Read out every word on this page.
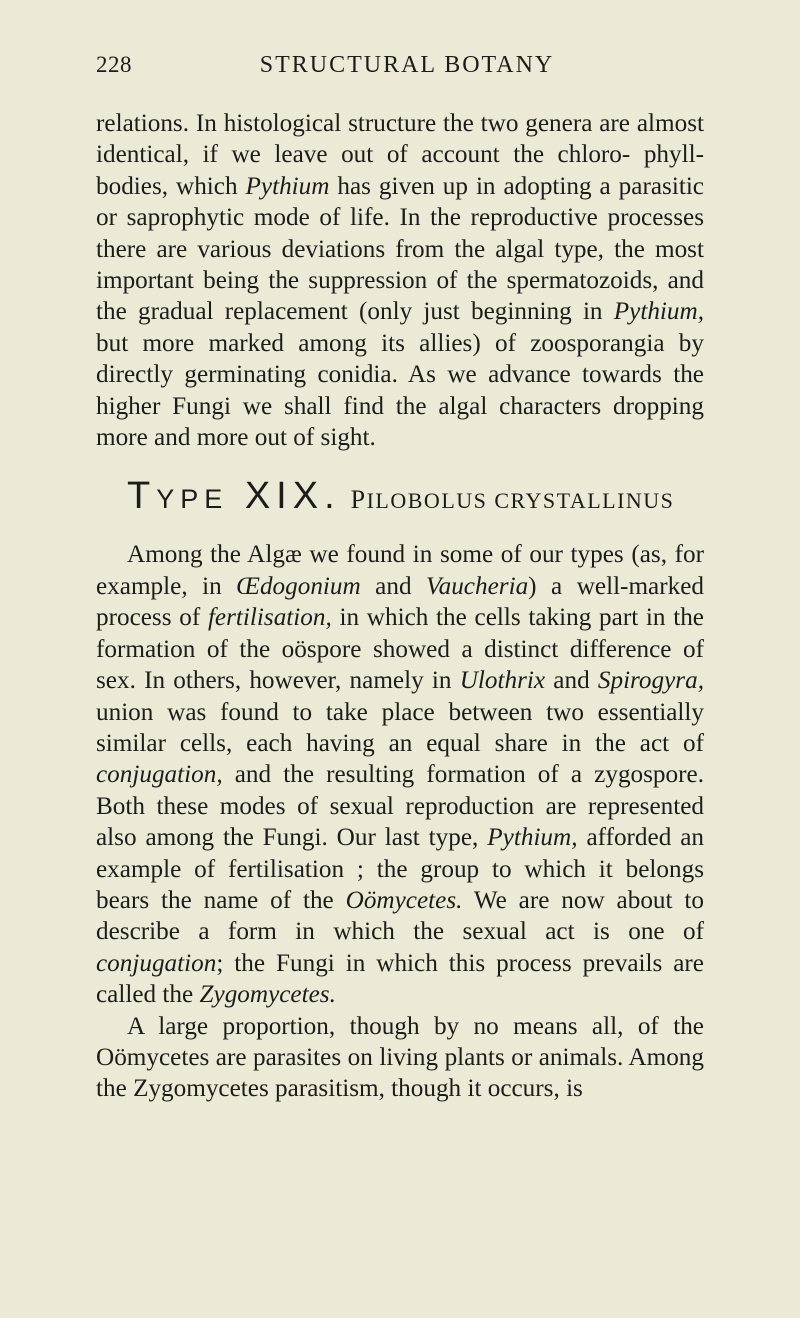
228	STRUCTURAL BOTANY

relations. In histological structure the two genera are almost identical, if we leave out of account the chloro- phyll-bodies, which Pythium has given up in adopting a parasitic or saprophytic mode of life. In the reproductive processes there are various deviations from the algal type, the most important being the suppression of the spermatozoids, and the gradual replacement (only just beginning in Pythium, but more marked among its allies) of zoosporangia by directly germinating conidia. As we advance towards the higher Fungi we shall find the algal characters dropping more and more out of sight.

TYPE XIX. PILOBOLUS CRYSTALLINUS

Among the Algæ we found in some of our types (as, for example, in Œdogonium and Vaucheria) a well-marked process of fertilisation, in which the cells taking part in the formation of the oöspore showed a distinct difference of sex. In others, however, namely in Ulothrix and Spirogyra, union was found to take place between two essentially similar cells, each having an equal share in the act of conjugation, and the resulting formation of a zygospore. Both these modes of sexual reproduction are represented also among the Fungi. Our last type, Pythium, afforded an example of fertilisation ; the group to which it belongs bears the name of the Oömycetes. We are now about to describe a form in which the sexual act is one of conjugation; the Fungi in which this process prevails are called the Zygomycetes.

A large proportion, though by no means all, of the Oömycetes are parasites on living plants or animals. Among the Zygomycetes parasitism, though it occurs, is
